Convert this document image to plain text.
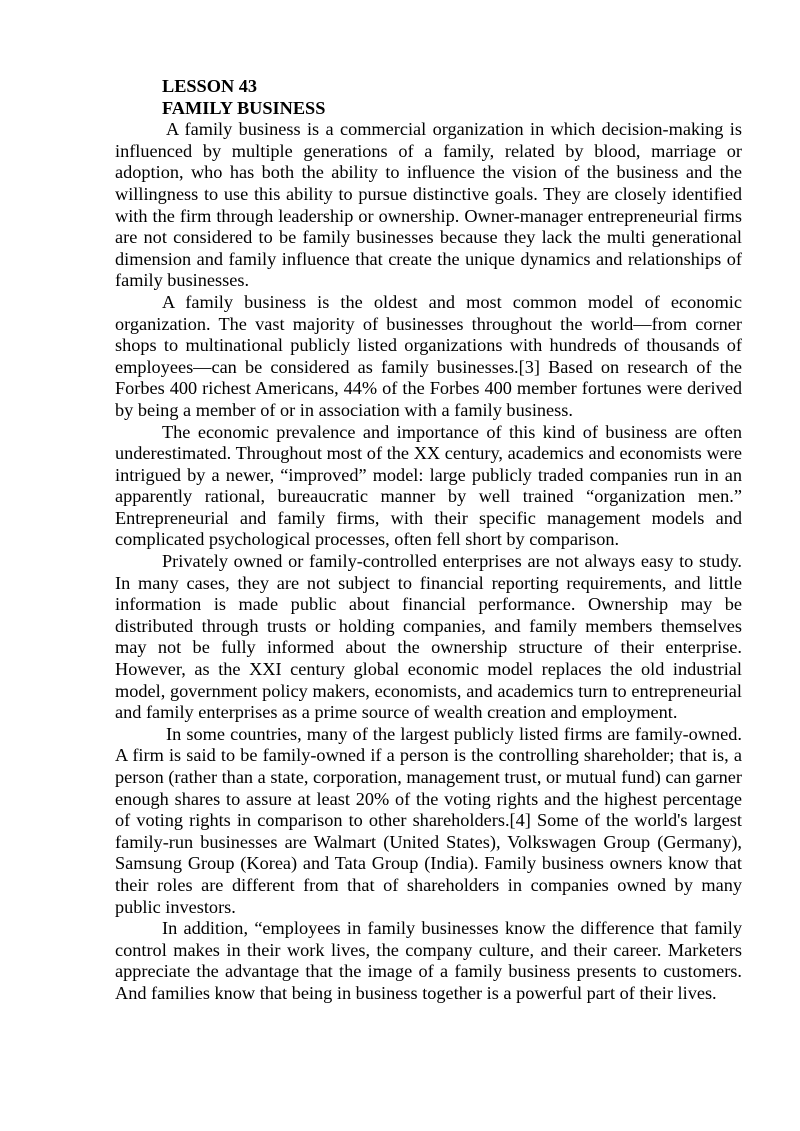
LESSON 43
FAMILY BUSINESS

A family business is a commercial organization in which decision-making is influenced by multiple generations of a family, related by blood, marriage or adoption, who has both the ability to influence the vision of the business and the willingness to use this ability to pursue distinctive goals. They are closely identified with the firm through leadership or ownership. Owner-manager entrepreneurial firms are not considered to be family businesses because they lack the multi generational dimension and family influence that create the unique dynamics and relationships of family businesses.

A family business is the oldest and most common model of economic organization. The vast majority of businesses throughout the world—from corner shops to multinational publicly listed organizations with hundreds of thousands of employees—can be considered as family businesses.[3] Based on research of the Forbes 400 richest Americans, 44% of the Forbes 400 member fortunes were derived by being a member of or in association with a family business.

The economic prevalence and importance of this kind of business are often underestimated. Throughout most of the XX century, academics and economists were intrigued by a newer, “improved” model: large publicly traded companies run in an apparently rational, bureaucratic manner by well trained “organization men.” Entrepreneurial and family firms, with their specific management models and complicated psychological processes, often fell short by comparison.

Privately owned or family-controlled enterprises are not always easy to study. In many cases, they are not subject to financial reporting requirements, and little information is made public about financial performance. Ownership may be distributed through trusts or holding companies, and family members themselves may not be fully informed about the ownership structure of their enterprise. However, as the XXI century global economic model replaces the old industrial model, government policy makers, economists, and academics turn to entrepreneurial and family enterprises as a prime source of wealth creation and employment.

In some countries, many of the largest publicly listed firms are family-owned. A firm is said to be family-owned if a person is the controlling shareholder; that is, a person (rather than a state, corporation, management trust, or mutual fund) can garner enough shares to assure at least 20% of the voting rights and the highest percentage of voting rights in comparison to other shareholders.[4] Some of the world's largest family-run businesses are Walmart (United States), Volkswagen Group (Germany), Samsung Group (Korea) and Tata Group (India). Family business owners know that their roles are different from that of shareholders in companies owned by many public investors.

In addition, “employees in family businesses know the difference that family control makes in their work lives, the company culture, and their career. Marketers appreciate the advantage that the image of a family business presents to customers. And families know that being in business together is a powerful part of their lives.
